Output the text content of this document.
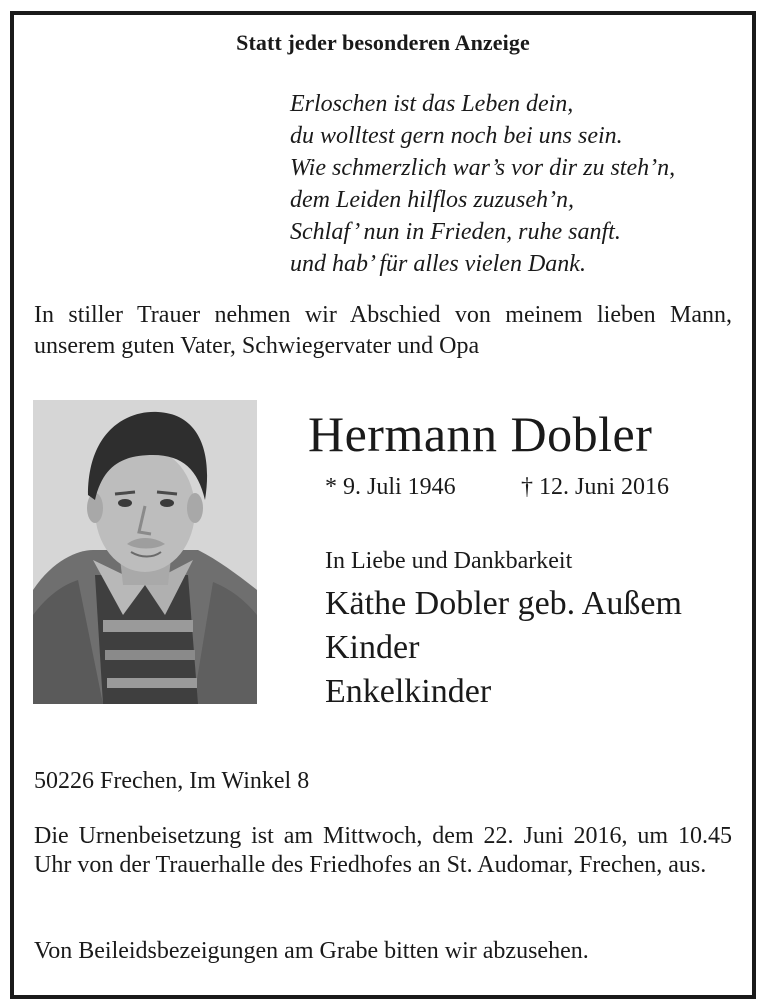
Statt jeder besonderen Anzeige
Erloschen ist das Leben dein,
du wolltest gern noch bei uns sein.
Wie schmerzlich war’s vor dir zu steh’n,
dem Leiden hilflos zuzuseh’n,
Schlaf’ nun in Frieden, ruhe sanft.
und hab’ für alles vielen Dank.
In stiller Trauer nehmen wir Abschied von meinem lieben Mann, unserem guten Vater, Schwiegervater und Opa
Hermann Dobler
* 9. Juli 1946	† 12. Juni 2016
In Liebe und Dankbarkeit
Käthe Dobler geb. Außem
Kinder
Enkelkinder
50226 Frechen, Im Winkel 8
Die Urnenbeisetzung ist am Mittwoch, dem 22. Juni 2016, um 10.45 Uhr von der Trauerhalle des Friedhofes an St. Audomar, Frechen, aus.
Von Beileidsbezeigungen am Grabe bitten wir abzusehen.
